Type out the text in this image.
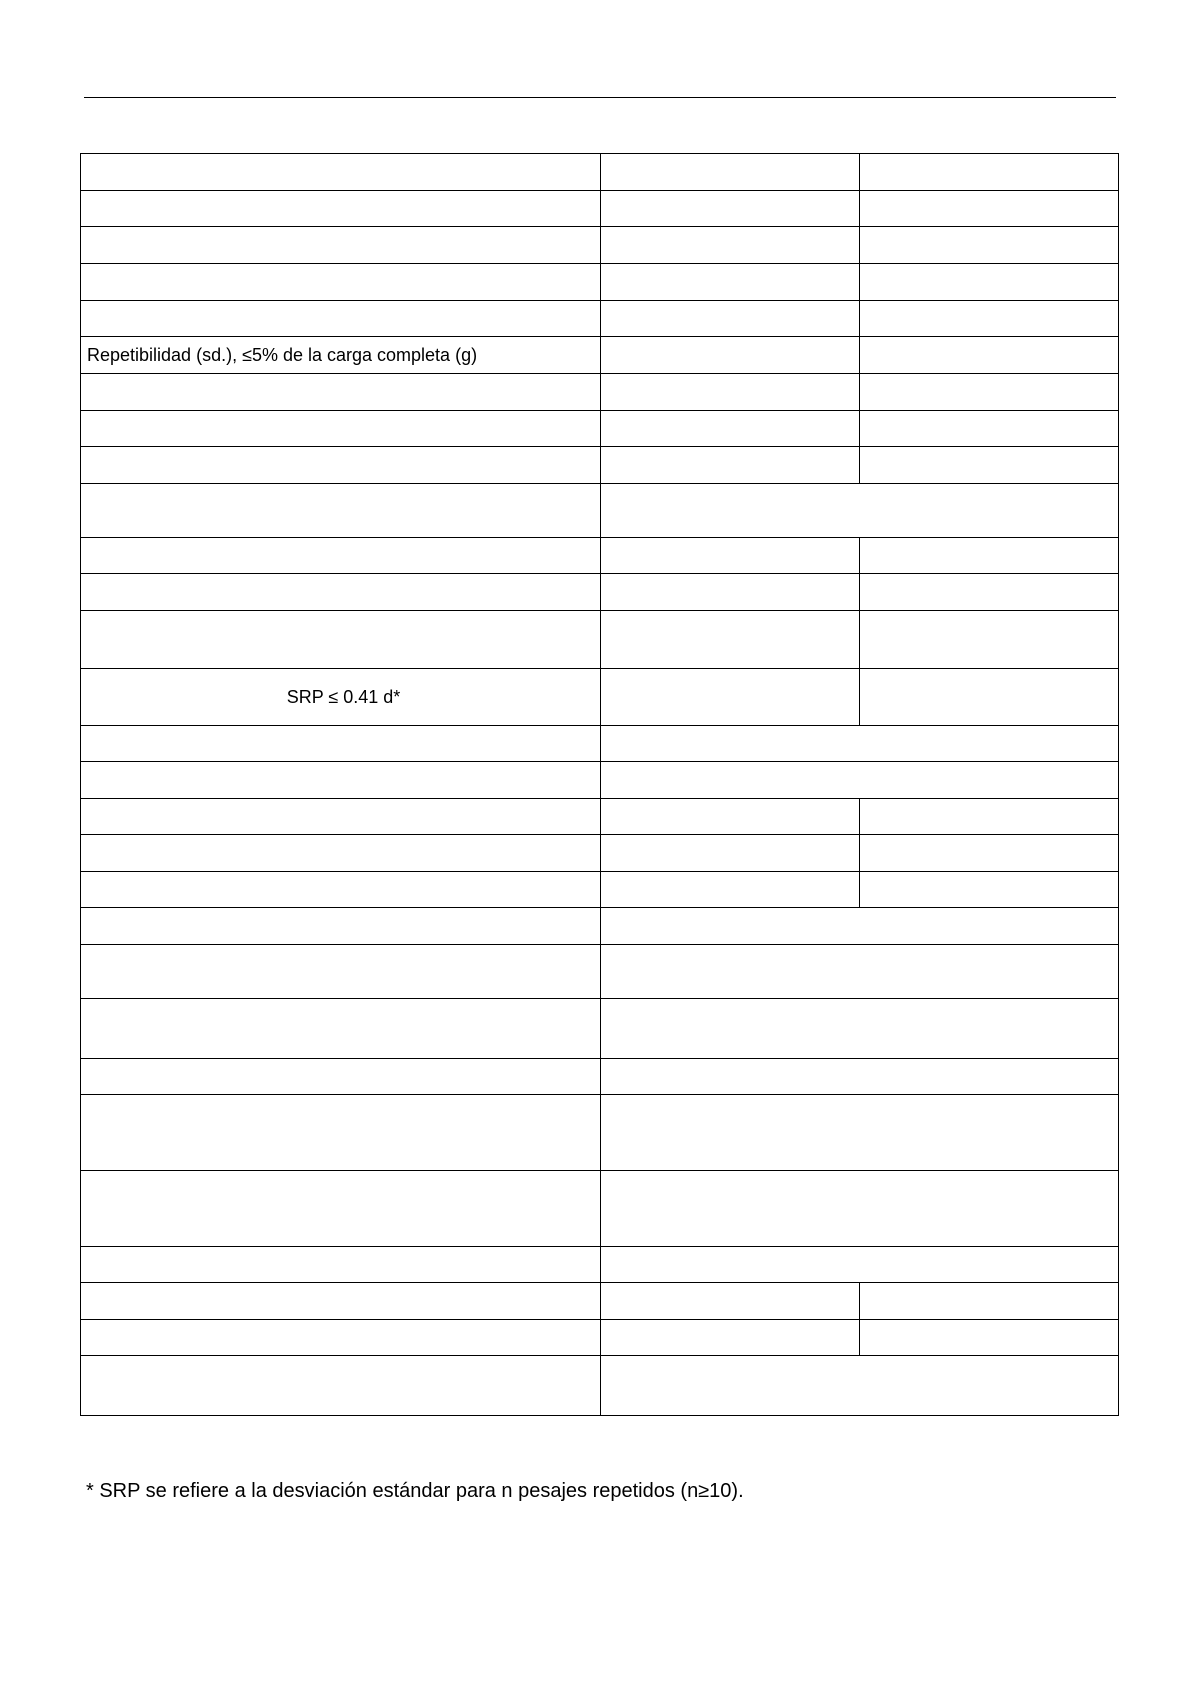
Repetibilidad (sd.), ≤5% de la carga completa (g)		

SRP ≤ 0.41 d*		

* SRP se refiere a la desviación estándar para n pesajes repetidos (n≥10).
